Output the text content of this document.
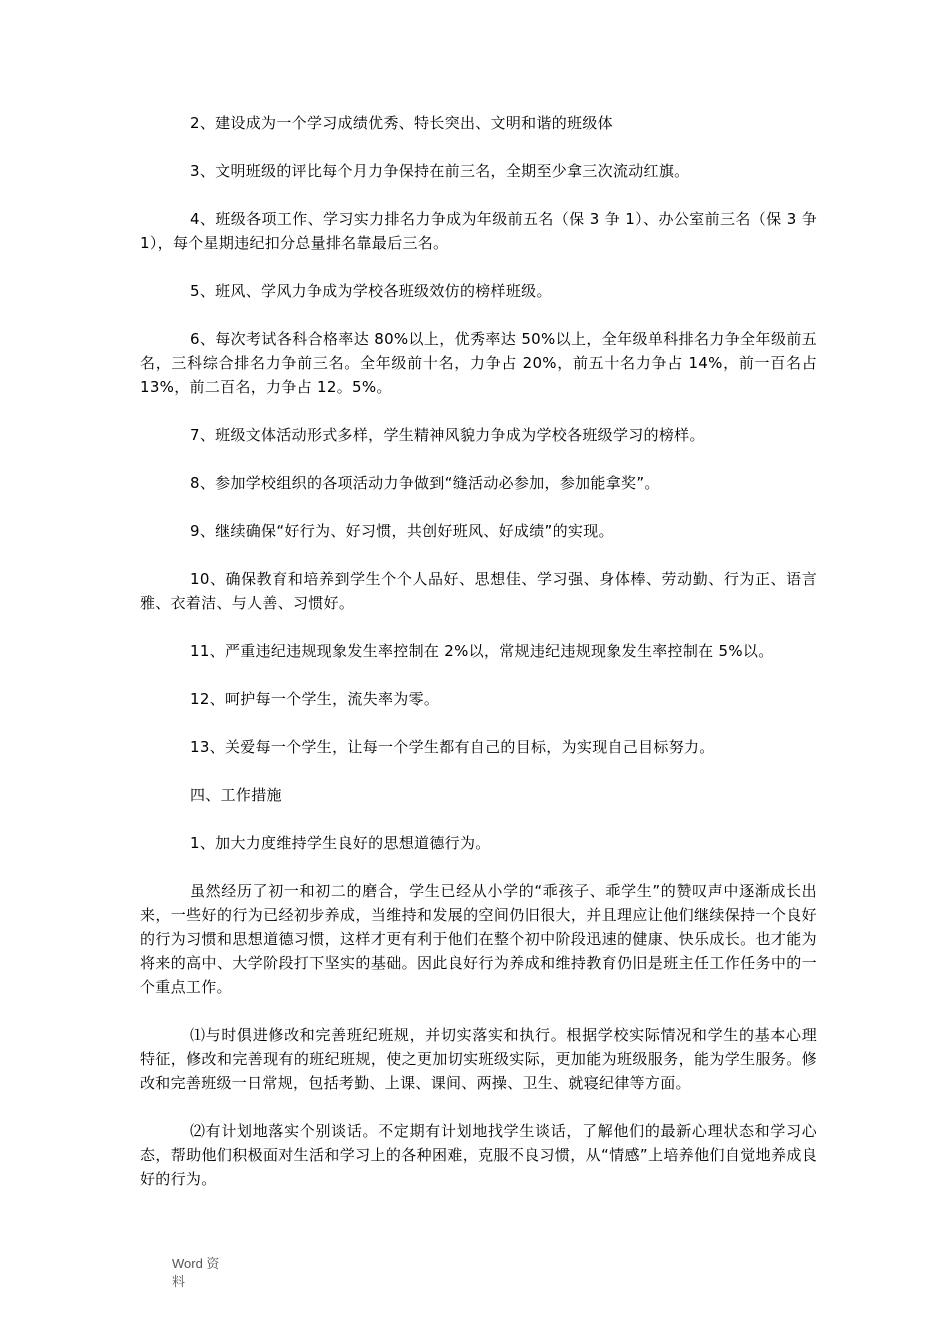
2、建设成为一个学习成绩优秀、特长突出、文明和谐的班级体

3、文明班级的评比每个月力争保持在前三名，全期至少拿三次流动红旗。

4、班级各项工作、学习实力排名力争成为年级前五名（保 3 争 1）、办公室前三名（保 3 争 1），每个星期违纪扣分总量排名靠最后三名。

5、班风、学风力争成为学校各班级效仿的榜样班级。

6、每次考试各科合格率达 80%以上，优秀率达 50%以上，全年级单科排名力争全年级前五名，三科综合排名力争前三名。全年级前十名，力争占 20%，前五十名力争占 14%，前一百名占 13%，前二百名，力争占 12。5%。

7、班级文体活动形式多样，学生精神风貌力争成为学校各班级学习的榜样。

8、参加学校组织的各项活动力争做到“缝活动必参加，参加能拿奖”。

9、继续确保“好行为、好习惯，共创好班风、好成绩”的实现。

10、确保教育和培养到学生个个人品好、思想佳、学习强、身体棒、劳动勤、行为正、语言雅、衣着洁、与人善、习惯好。

11、严重违纪违规现象发生率控制在 2%以，常规违纪违规现象发生率控制在 5%以。

12、呵护每一个学生，流失率为零。

13、关爱每一个学生，让每一个学生都有自己的目标，为实现自己目标努力。

四、工作措施

1、加大力度维持学生良好的思想道德行为。

虽然经历了初一和初二的磨合，学生已经从小学的“乖孩子、乖学生”的赞叹声中逐渐成长出来，一些好的行为已经初步养成，当维持和发展的空间仍旧很大，并且理应让他们继续保持一个良好的行为习惯和思想道德习惯，这样才更有利于他们在整个初中阶段迅速的健康、快乐成长。也才能为将来的高中、大学阶段打下坚实的基础。因此良好行为养成和维持教育仍旧是班主任工作任务中的一个重点工作。

⑴与时俱进修改和完善班纪班规，并切实落实和执行。根据学校实际情况和学生的基本心理特征，修改和完善现有的班纪班规，使之更加切实班级实际，更加能为班级服务，能为学生服务。修改和完善班级一日常规，包括考勤、上课、课间、两操、卫生、就寝纪律等方面。

⑵有计划地落实个别谈话。不定期有计划地找学生谈话，了解他们的最新心理状态和学习心态，帮助他们积极面对生活和学习上的各种困难，克服不良习惯，从“情感”上培养他们自觉地养成良好的行为。

Word 资料
